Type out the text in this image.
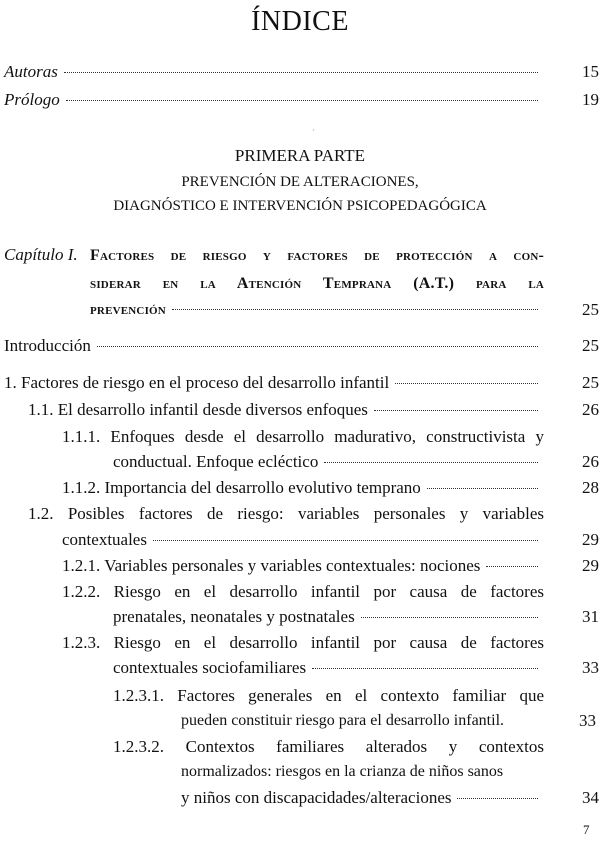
ÍNDICE
Autoras	15
Prólogo	19
´
PRIMERA PARTE
PREVENCIÓN DE ALTERACIONES,
DIAGNÓSTICO E INTERVENCIÓN PSICOPEDAGÓGICA
Capítulo I. Factores de riesgo y factores de protección a con-
siderar en la Atención Temprana (A.T.) para la
prevención	25
Introducción	25
1. Factores de riesgo en el proceso del desarrollo infantil	25
1.1. El desarrollo infantil desde diversos enfoques	26
1.1.1. Enfoques desde el desarrollo madurativo, constructivista y
conductual. Enfoque ecléctico	26
1.1.2. Importancia del desarrollo evolutivo temprano	28
1.2. Posibles factores de riesgo: variables personales y variables
contextuales	29
1.2.1. Variables personales y variables contextuales: nociones	29
1.2.2. Riesgo en el desarrollo infantil por causa de factores
prenatales, neonatales y postnatales	31
1.2.3. Riesgo en el desarrollo infantil por causa de factores
contextuales sociofamiliares	33
1.2.3.1. Factores generales en el contexto familiar que
pueden constituir riesgo para el desarrollo infantil.	33
1.2.3.2. Contextos familiares alterados y contextos
normalizados: riesgos en la crianza de niños sanos
y niños con discapacidades/alteraciones	34
7
